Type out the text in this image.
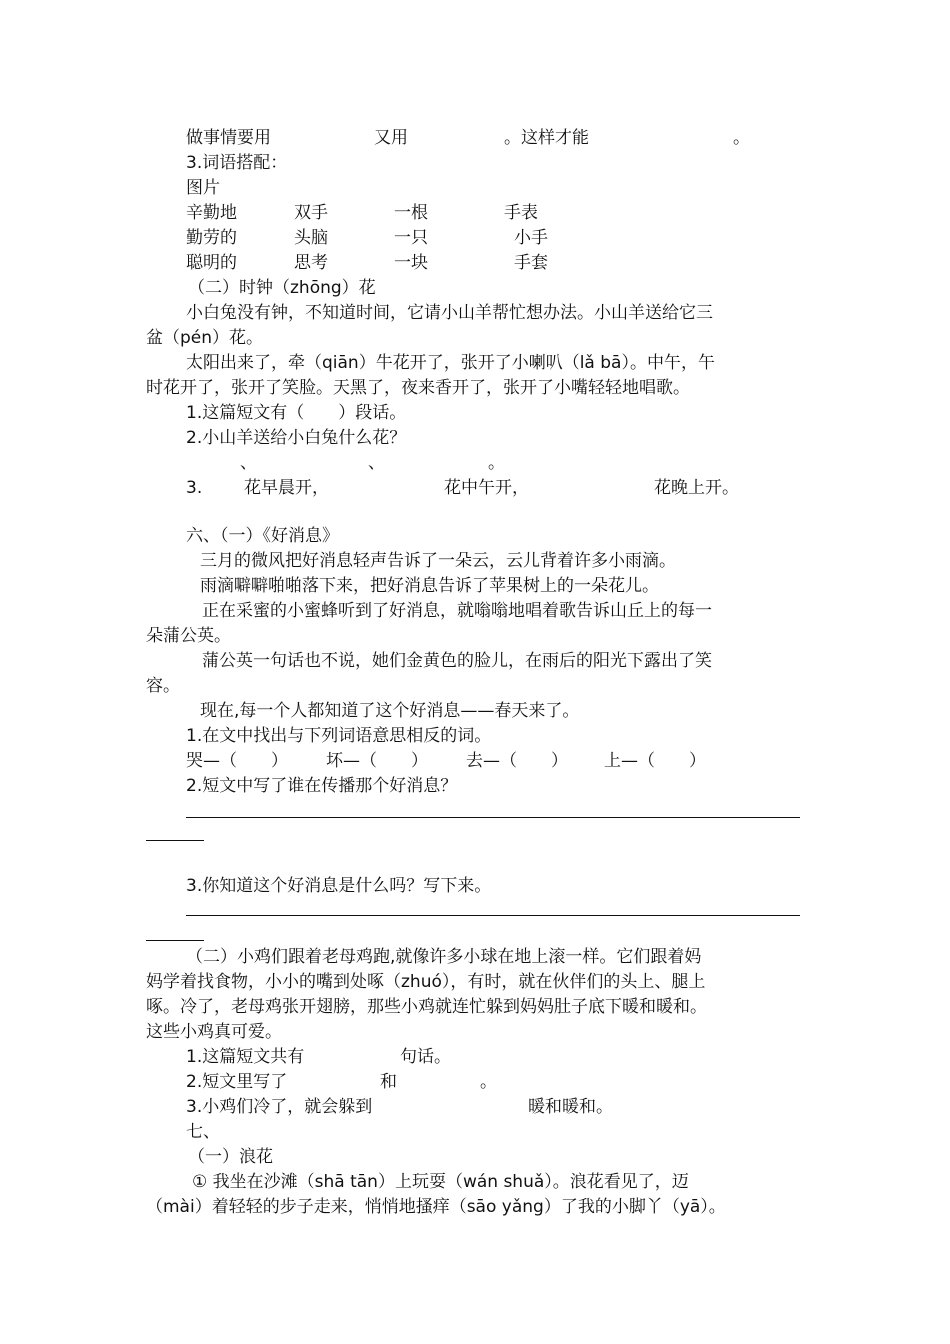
做事情要用	又用	。这样才能	。
3.词语搭配：
图片
辛勤地	双手	一根	手表
勤劳的	头脑	一只	小手
聪明的	思考	一块	手套
（二）时钟（zhōng）花
小白兔没有钟，不知道时间，它请小山羊帮忙想办法。小山羊送给它三
盆（pén）花。
太阳出来了，牵（qiān）牛花开了，张开了小喇叭（lǎ bā）。中午，午
时花开了，张开了笑脸。天黑了，夜来香开了，张开了小嘴轻轻地唱歌。
1.这篇短文有（　　）段话。
2.小山羊送给小白兔什么花？
、	、	。
3. 花早晨开，	花中午开，	花晚上开。
六、（一）《好消息》
三月的微风把好消息轻声告诉了一朵云，云儿背着许多小雨滴。
雨滴噼噼啪啪落下来，把好消息告诉了苹果树上的一朵花儿。
正在采蜜的小蜜蜂听到了好消息，就嗡嗡地唱着歌告诉山丘上的每一
朵蒲公英。
蒲公英一句话也不说，她们金黄色的脸儿，在雨后的阳光下露出了笑
容。
现在,每一个人都知道了这个好消息——春天来了。
1.在文中找出与下列词语意思相反的词。
哭—（　　） 坏—（　　） 去—（　　） 上—（　　）
2.短文中写了谁在传播那个好消息？
3.你知道这个好消息是什么吗？写下来。
（二）小鸡们跟着老母鸡跑,就像许多小球在地上滚一样。它们跟着妈
妈学着找食物，小小的嘴到处啄（zhuó），有时，就在伙伴们的头上、腿上
啄。冷了，老母鸡张开翅膀，那些小鸡就连忙躲到妈妈肚子底下暖和暖和。
这些小鸡真可爱。
1.这篇短文共有	句话。
2.短文里写了	和	。
3.小鸡们冷了，就会躲到	暖和暖和。
七、
（一）浪花
① 我坐在沙滩（shā tān）上玩耍（wán shuǎ）。浪花看见了，迈
（mài）着轻轻的步子走来，悄悄地搔痒（sāo yǎng）了我的小脚丫（yā）。
